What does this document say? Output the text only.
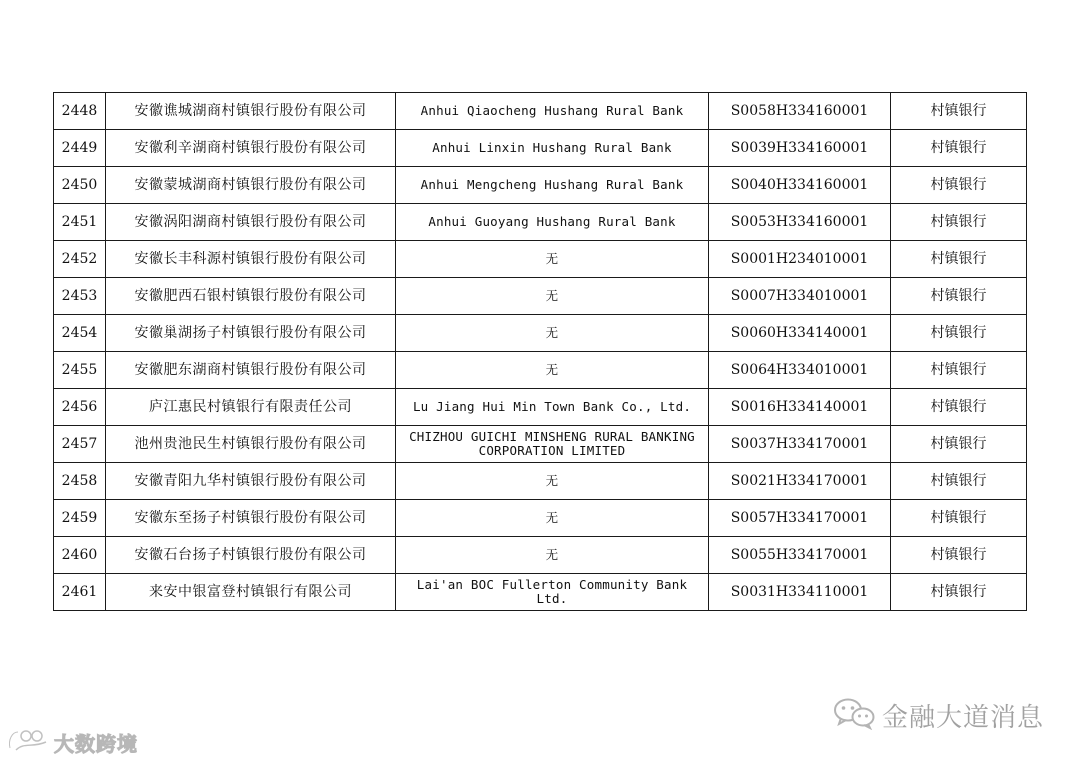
2448	安徽谯城湖商村镇银行股份有限公司	Anhui Qiaocheng Hushang Rural Bank	S0058H334160001	村镇银行
2449	安徽利辛湖商村镇银行股份有限公司	Anhui Linxin Hushang Rural Bank	S0039H334160001	村镇银行
2450	安徽蒙城湖商村镇银行股份有限公司	Anhui Mengcheng Hushang Rural Bank	S0040H334160001	村镇银行
2451	安徽涡阳湖商村镇银行股份有限公司	Anhui Guoyang Hushang Rural Bank	S0053H334160001	村镇银行
2452	安徽长丰科源村镇银行股份有限公司	无	S0001H234010001	村镇银行
2453	安徽肥西石银村镇银行股份有限公司	无	S0007H334010001	村镇银行
2454	安徽巢湖扬子村镇银行股份有限公司	无	S0060H334140001	村镇银行
2455	安徽肥东湖商村镇银行股份有限公司	无	S0064H334010001	村镇银行
2456	庐江惠民村镇银行有限责任公司	Lu Jiang Hui Min Town Bank Co., Ltd.	S0016H334140001	村镇银行
2457	池州贵池民生村镇银行股份有限公司	CHIZHOU GUICHI MINSHENG RURAL BANKING CORPORATION LIMITED	S0037H334170001	村镇银行
2458	安徽青阳九华村镇银行股份有限公司	无	S0021H334170001	村镇银行
2459	安徽东至扬子村镇银行股份有限公司	无	S0057H334170001	村镇银行
2460	安徽石台扬子村镇银行股份有限公司	无	S0055H334170001	村镇银行
2461	来安中银富登村镇银行有限公司	Lai'an BOC Fullerton Community Bank Ltd.	S0031H334110001	村镇银行
金融大道消息
大数跨境
